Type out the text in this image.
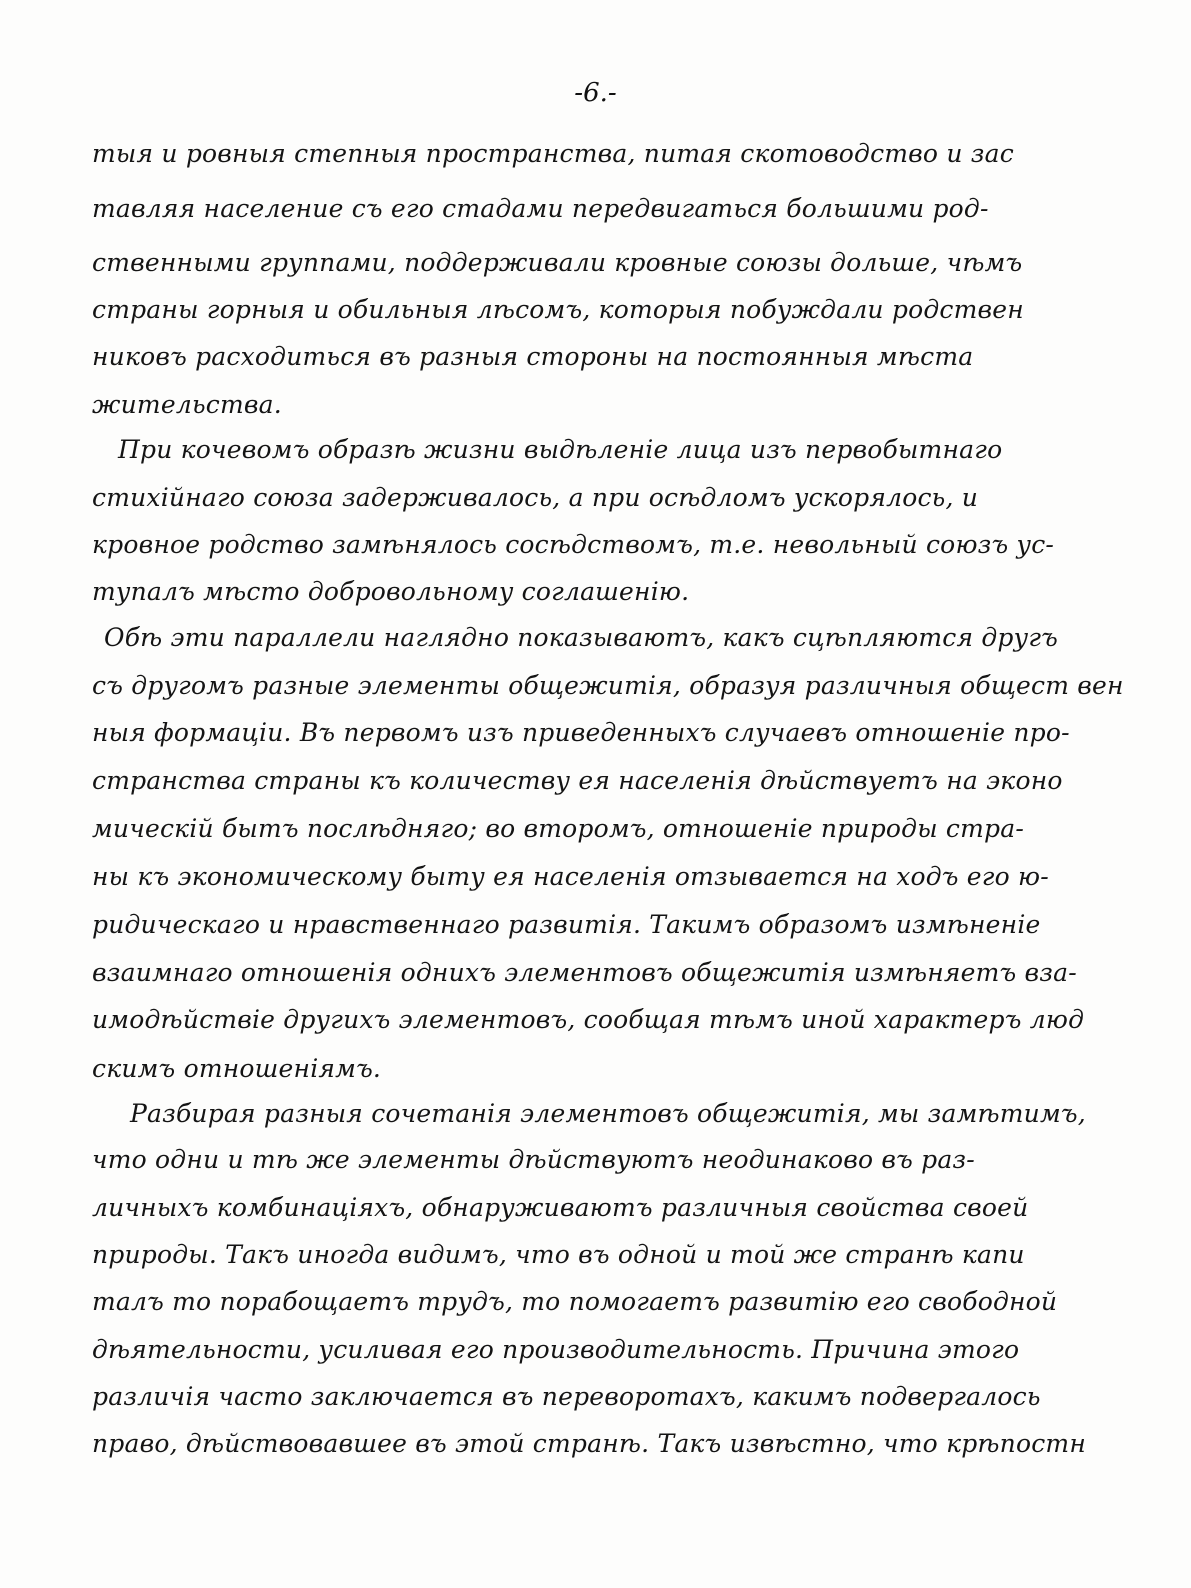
-6.-
тыя и ровныя степныя пространства, питая скотоводство и зас
тавляя население съ его стадами передвигаться большими род-
ственными группами, поддерживали кровные союзы дольше, чѣмъ
страны горныя и обильныя лѣсомъ, которыя побуждали родствен
никовъ расходиться въ разныя стороны на постоянныя мѣста
жительства.
При кочевомъ образѣ жизни выдѣленіе лица изъ первобытнаго
стихійнаго союза задерживалось, а при осѣдломъ ускорялось, и
кровное родство замѣнялось сосѣдствомъ, т.е. невольный союзъ ус-
тупалъ мѣсто добровольному соглашенію.
Обѣ эти параллели наглядно показываютъ, какъ сцѣпляются другъ
съ другомъ разные элементы общежитія, образуя различныя общест вен
ныя формаціи. Въ первомъ изъ приведенныхъ случаевъ отношеніе про-
странства страны къ количеству ея населенія дѣйствуетъ на эконо
мическій бытъ послѣдняго; во второмъ, отношеніе природы стра-
ны къ экономическому быту ея населенія отзывается на ходъ его ю-
ридическаго и нравственнаго развитія. Такимъ образомъ измѣненіе
взаимнаго отношенія однихъ элементовъ общежитія измѣняетъ вза-
имодѣйствіе другихъ элементовъ, сообщая тѣмъ иной характеръ люд
скимъ отношеніямъ.
Разбирая разныя сочетанія элементовъ общежитія, мы замѣтимъ,
что одни и тѣ же элементы дѣйствуютъ неодинаково въ раз-
личныхъ комбинаціяхъ, обнаруживаютъ различныя свойства своей
природы. Такъ иногда видимъ, что въ одной и той же странѣ капи
талъ то порабощаетъ трудъ, то помогаетъ развитію его свободной
дѣятельности, усиливая его производительность. Причина этого
различія часто заключается въ переворотахъ, какимъ подвергалось
право, дѣйствовавшее въ этой странѣ. Такъ извѣстно, что крѣпостн
